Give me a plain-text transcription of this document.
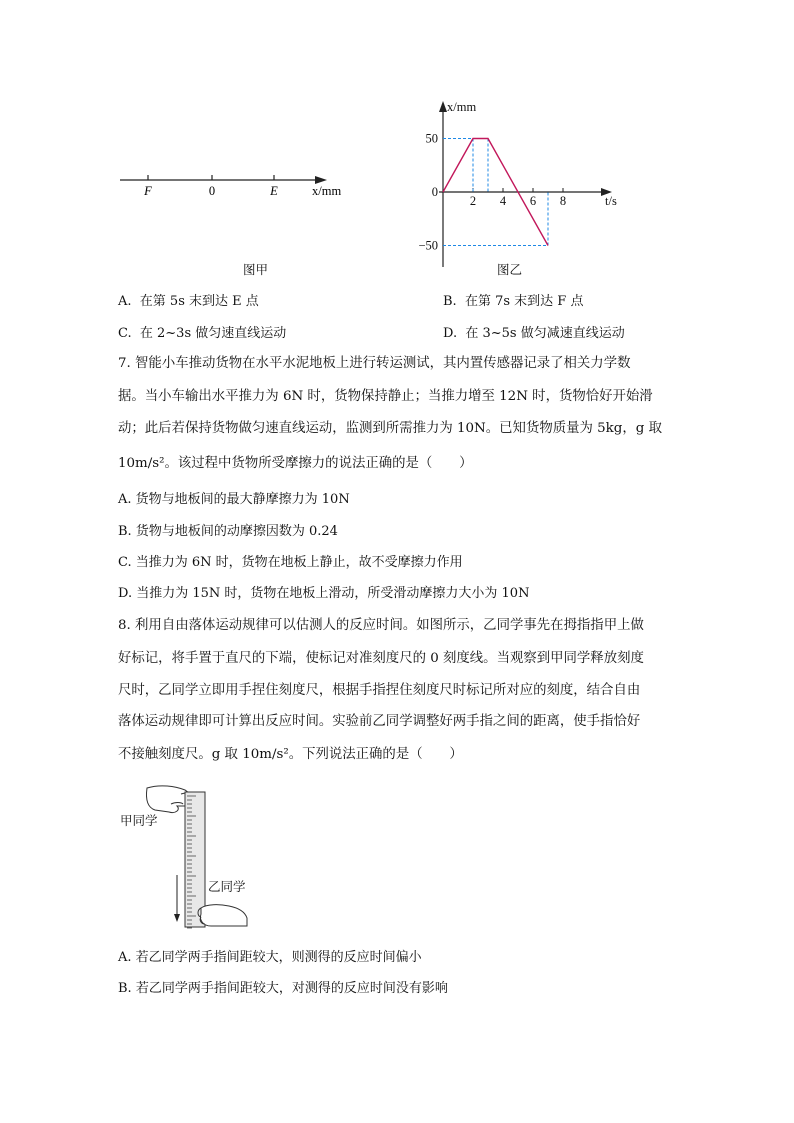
F	0	E	x/mm
图甲
x/mm
t/s
50
0
−50
2 4 6 8
图乙
A. 在第 5s 末到达 E 点	B. 在第 7s 末到达 F 点
C. 在 2~3s 做匀速直线运动	D. 在 3~5s 做匀减速直线运动
7. 智能小车推动货物在水平水泥地板上进行转运测试，其内置传感器记录了相关力学数
据。当小车输出水平推力为 6N 时，货物保持静止；当推力增至 12N 时，货物恰好开始滑
动；此后若保持货物做匀速直线运动，监测到所需推力为 10N。已知货物质量为 5kg，g 取
10m/s²。该过程中货物所受摩擦力的说法正确的是（　　）
A. 货物与地板间的最大静摩擦力为 10N
B. 货物与地板间的动摩擦因数为 0.24
C. 当推力为 6N 时，货物在地板上静止，故不受摩擦力作用
D. 当推力为 15N 时，货物在地板上滑动，所受滑动摩擦力大小为 10N
8. 利用自由落体运动规律可以估测人的反应时间。如图所示，乙同学事先在拇指指甲上做
好标记，将手置于直尺的下端，使标记对准刻度尺的 0 刻度线。当观察到甲同学释放刻度
尺时，乙同学立即用手捏住刻度尺，根据手指捏住刻度尺时标记所对应的刻度，结合自由
落体运动规律即可计算出反应时间。实验前乙同学调整好两手指之间的距离，使手指恰好
不接触刻度尺。g 取 10m/s²。下列说法正确的是（　　）
甲同学
乙同学
A. 若乙同学两手指间距较大，则测得的反应时间偏小
B. 若乙同学两手指间距较大，对测得的反应时间没有影响
